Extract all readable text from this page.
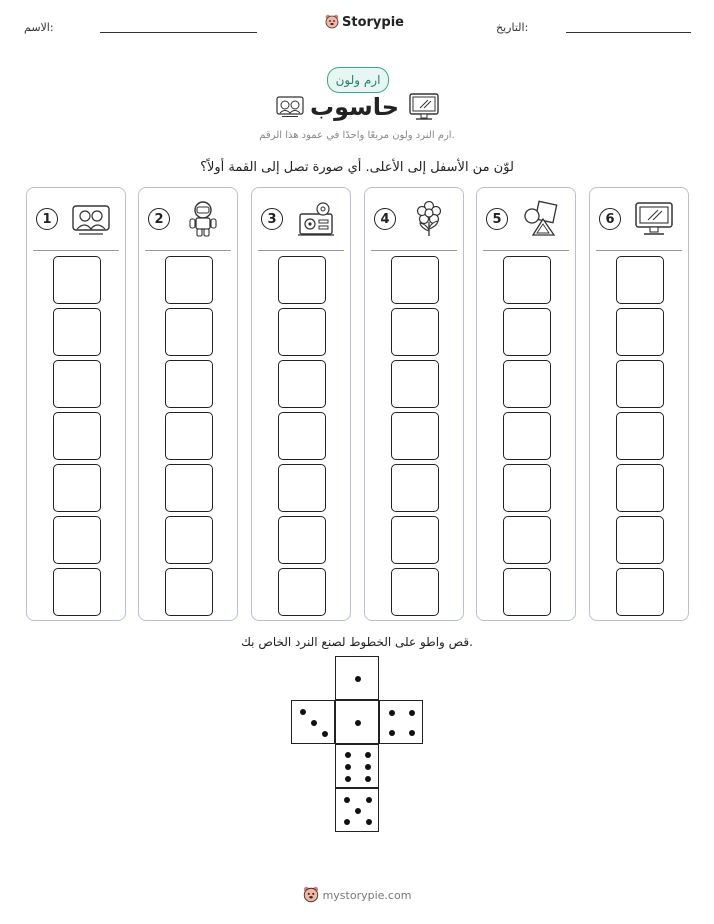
الاسم:	Storypie	التاريخ:
ارم ولون
حاسوب
ارم النرد ولون مربعًا واحدًا في عمود هذا الرقم.
لوّن من الأسفل إلى الأعلى. أي صورة تصل إلى القمة أولاً؟
1	2	3	4	5	6
قص واطو على الخطوط لصنع النرد الخاص بك.
mystorypie.com
